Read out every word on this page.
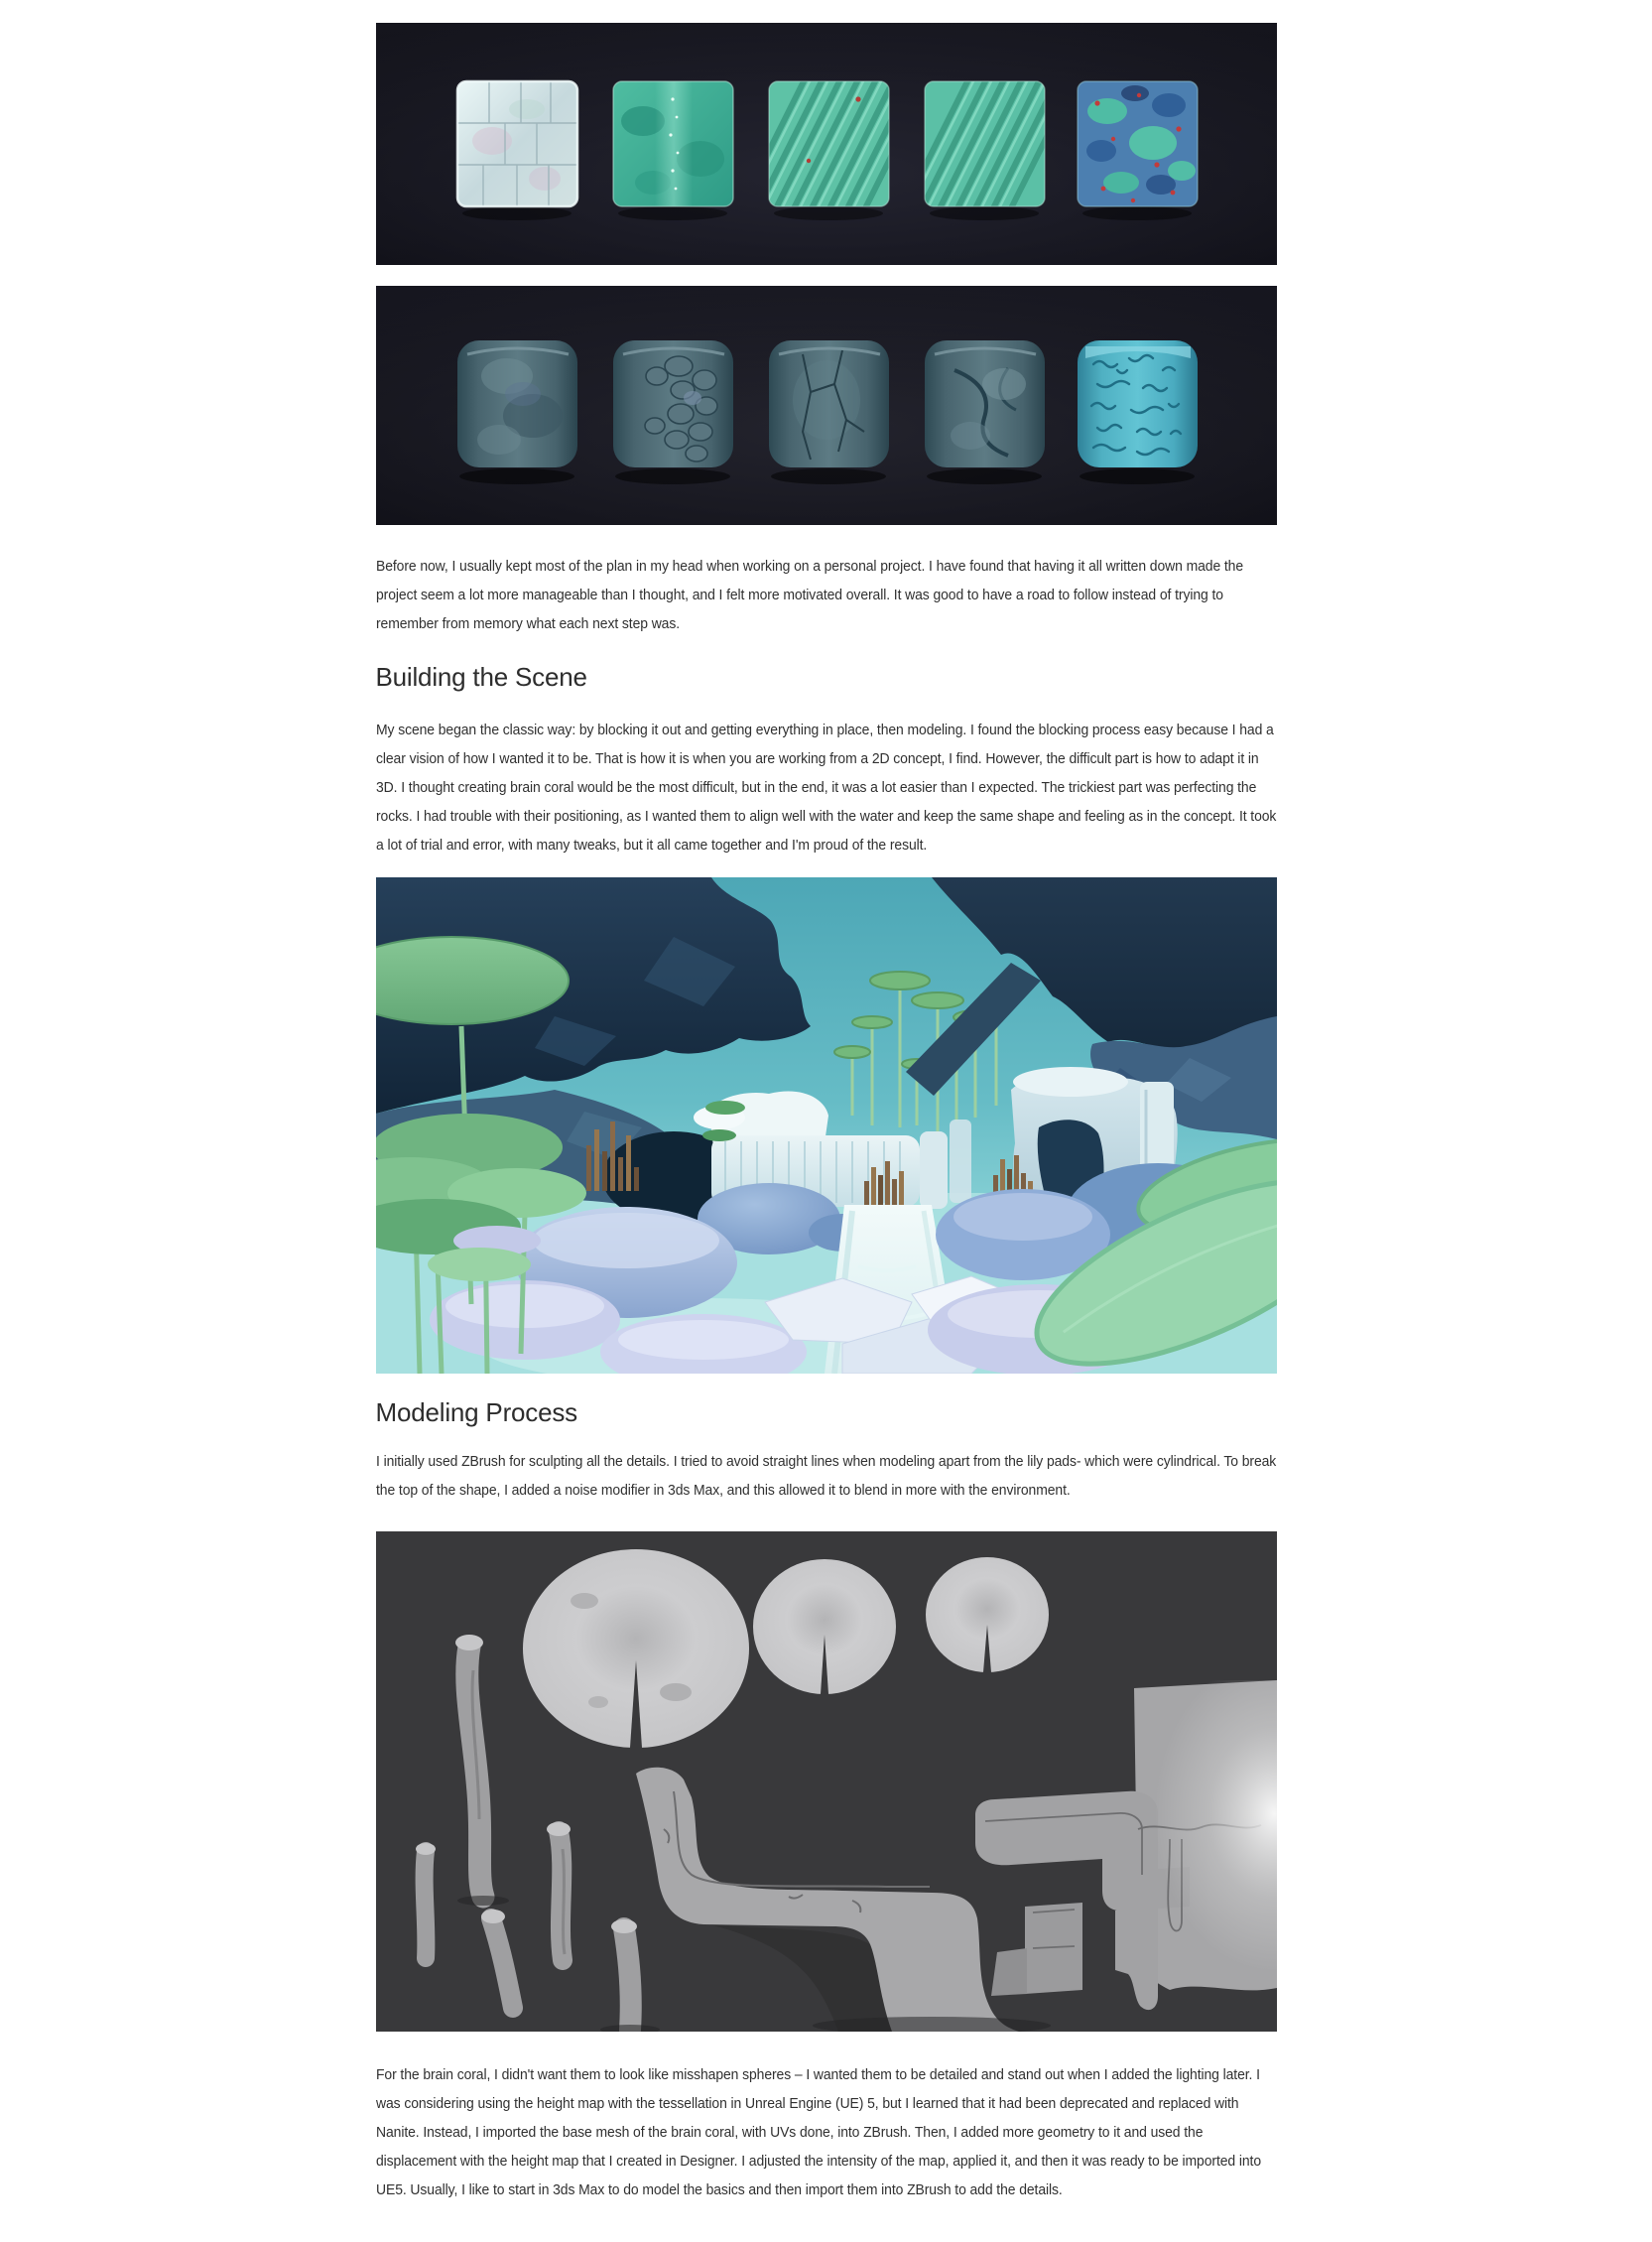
Before now, I usually kept most of the plan in my head when working on a personal project. I have found that having it all written down made the project seem a lot more manageable than I thought, and I felt more motivated overall. It was good to have a road to follow instead of trying to remember from memory what each next step was.

Building the Scene

My scene began the classic way: by blocking it out and getting everything in place, then modeling. I found the blocking process easy because I had a clear vision of how I wanted it to be. That is how it is when you are working from a 2D concept, I find. However, the difficult part is how to adapt it in 3D. I thought creating brain coral would be the most difficult, but in the end, it was a lot easier than I expected. The trickiest part was perfecting the rocks. I had trouble with their positioning, as I wanted them to align well with the water and keep the same shape and feeling as in the concept. It took a lot of trial and error, with many tweaks, but it all came together and I'm proud of the result.

Modeling Process

I initially used ZBrush for sculpting all the details. I tried to avoid straight lines when modeling apart from the lily pads- which were cylindrical. To break the top of the shape, I added a noise modifier in 3ds Max, and this allowed it to blend in more with the environment.

For the brain coral, I didn't want them to look like misshapen spheres – I wanted them to be detailed and stand out when I added the lighting later. I was considering using the height map with the tessellation in Unreal Engine (UE) 5, but I learned that it had been deprecated and replaced with Nanite. Instead, I imported the base mesh of the brain coral, with UVs done, into ZBrush. Then, I added more geometry to it and used the displacement with the height map that I created in Designer. I adjusted the intensity of the map, applied it, and then it was ready to be imported into UE5. Usually, I like to start in 3ds Max to do model the basics and then import them into ZBrush to add the details.
